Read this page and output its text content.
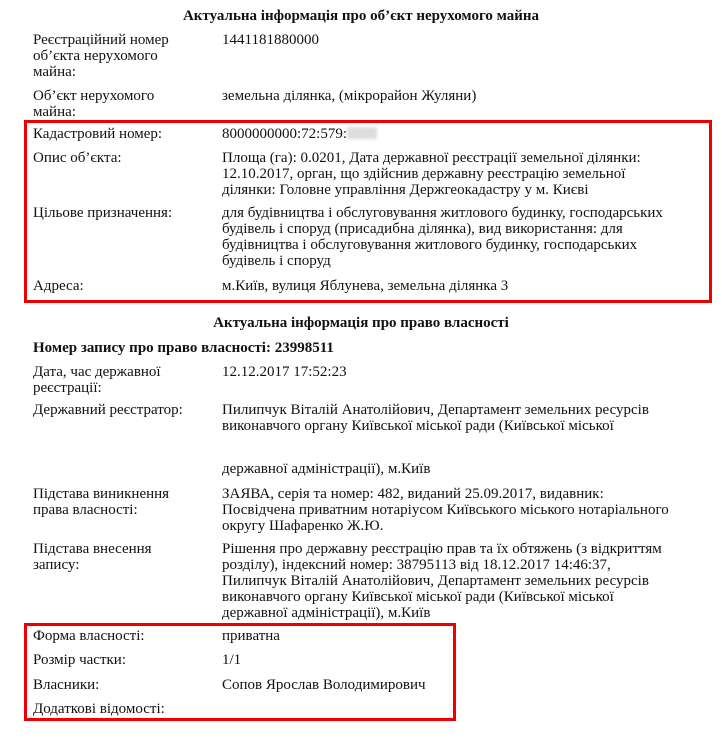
Актуальна інформація про об’єкт нерухомого майна
Реєстраційний номер
об’єкта нерухомого
майна:
1441181880000
Об’єкт нерухомого
майна:
земельна ділянка, (мікрорайон Жуляни)
Кадастровий номер:	8000000000:72:579:
Опис об’єкта:	Площа (га): 0.0201, Дата державної реєстрації земельної ділянки:
12.10.2017, орган, що здійснив державну реєстрацію земельної
ділянки: Головне управління Держгеокадастру у м. Києві
Цільове призначення:	для будівництва і обслуговування житлового будинку, господарських
будівель і споруд (присадибна ділянка), вид використання: для
будівництва і обслуговування житлового будинку, господарських
будівель і споруд
Адреса:	м.Київ, вулиця Яблунева, земельна ділянка 3
Актуальна інформація про право власності
Номер запису про право власності: 23998511
Дата, час державної
реєстрації:
12.12.2017 17:52:23
Державний реєстратор:	Пилипчук Віталій Анатолійович, Департамент земельних ресурсів
виконавчого органу Київської міської ради (Київської міської
державної адміністрації), м.Київ
Підстава виникнення
права власності:
ЗАЯВА, серія та номер: 482, виданий 25.09.2017, видавник:
Посвідчена приватним нотаріусом Київського міського нотаріального
округу Шафаренко Ж.Ю.
Підстава внесення
запису:
Рішення про державну реєстрацію прав та їх обтяжень (з відкриттям
розділу), індексний номер: 38795113 від 18.12.2017 14:46:37,
Пилипчук Віталій Анатолійович, Департамент земельних ресурсів
виконавчого органу Київської міської ради (Київської міської
державної адміністрації), м.Київ
Форма власності:	приватна
Розмір частки:	1/1
Власники:	Сопов Ярослав Володимирович
Додаткові відомості:
